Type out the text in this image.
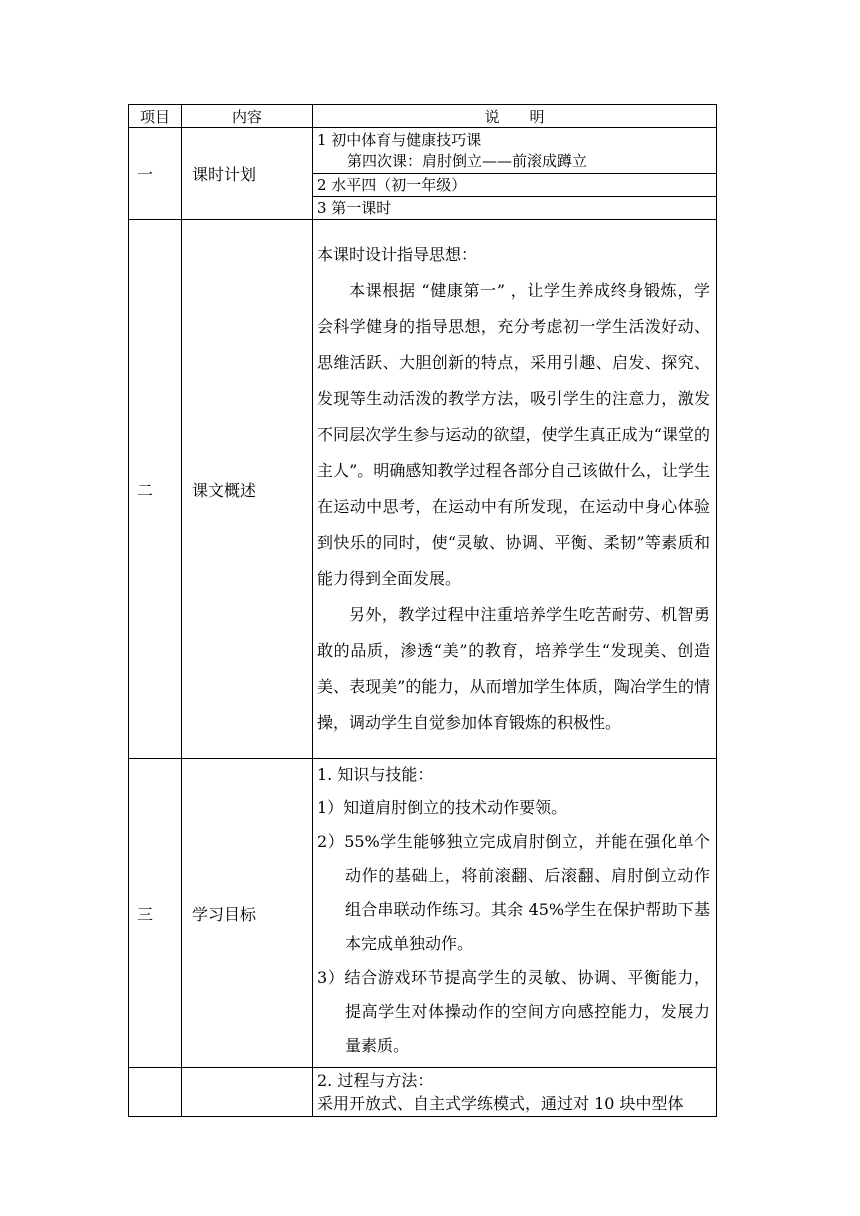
项目	内容	说　　明
一	课时计划	1 初中体育与健康技巧课
第四次课：肩肘倒立——前滚成蹲立

		2 水平四（初一年级）
		3 第一课时
二	课文概述	本课时设计指导思想：

本课根据 “健康第一” ，让学生养成终身锻炼，学会科学健身的指导思想，充分考虑初一学生活泼好动、思维活跃、大胆创新的特点，采用引趣、启发、探究、发现等生动活泼的教学方法，吸引学生的注意力，激发不同层次学生参与运动的欲望，使学生真正成为“课堂的主人”。明确感知教学过程各部分自己该做什么，让学生在运动中思考，在运动中有所发现，在运动中身心体验到快乐的同时，使“灵敏、协调、平衡、柔韧”等素质和能力得到全面发展。

另外，教学过程中注重培养学生吃苦耐劳、机智勇敢的品质，渗透“美”的教育，培养学生“发现美、创造美、表现美”的能力，从而增加学生体质，陶冶学生的情操，调动学生自觉参加体育锻炼的积极性。

三	学习目标	1. 知识与技能：

1）知道肩肘倒立的技术动作要领。

2）55%学生能够独立完成肩肘倒立，并能在强化单个动作的基础上，将前滚翻、后滚翻、肩肘倒立动作组合串联动作练习。其余 45%学生在保护帮助下基本完成单独动作。

3）结合游戏环节提高学生的灵敏、协调、平衡能力，提高学生对体操动作的空间方向感控能力，发展力量素质。

		2. 过程与方法：

采用开放式、自主式学练模式，通过对 10 块中型体
